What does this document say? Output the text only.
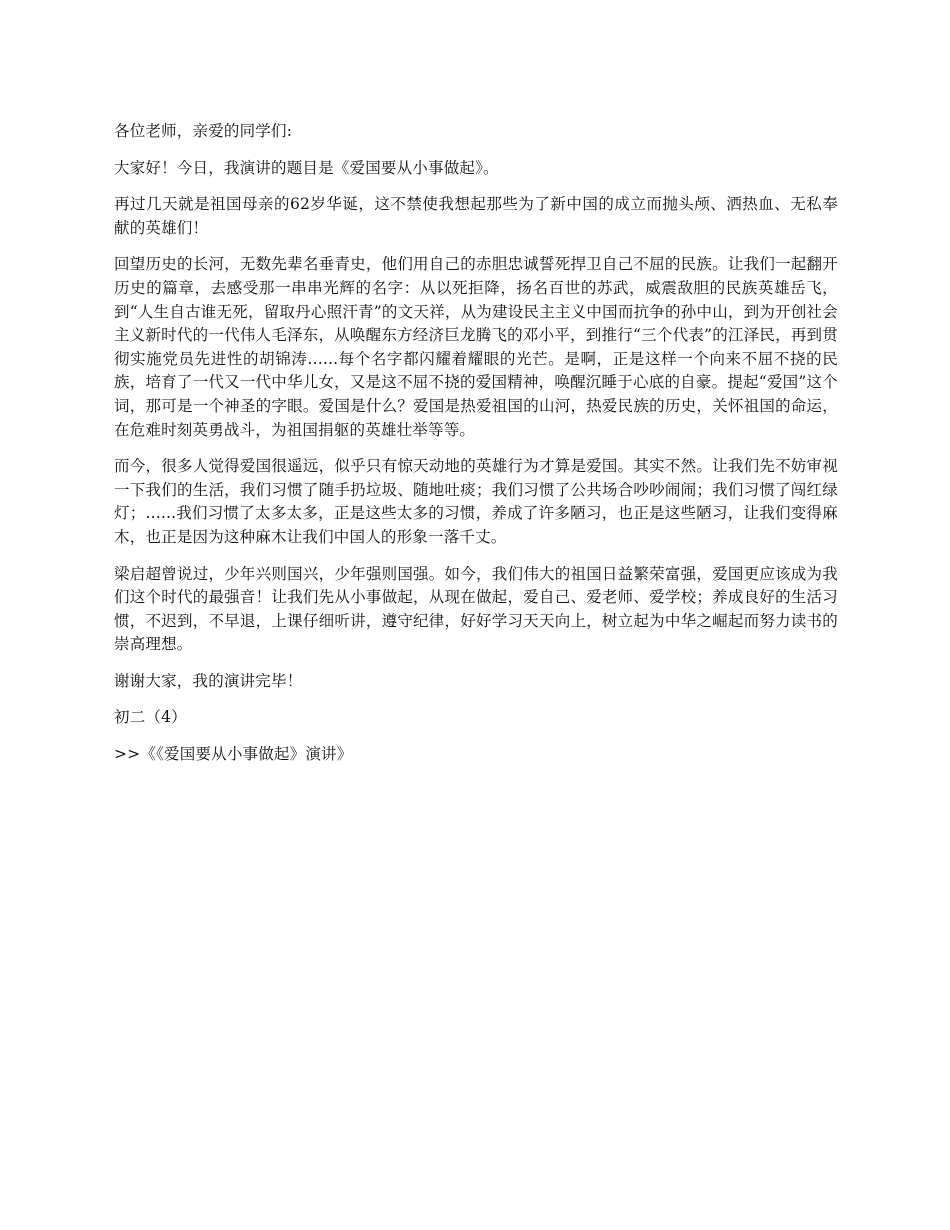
各位老师，亲爱的同学们:

大家好！今日，我演讲的题目是《爱国要从小事做起》。

再过几天就是祖国母亲的62岁华诞，这不禁使我想起那些为了新中国的成立而抛头颅、洒热血、无私奉献的英雄们！

回望历史的长河，无数先辈名垂青史，他们用自己的赤胆忠诚誓死捍卫自己不屈的民族。让我们一起翻开历史的篇章，去感受那一串串光辉的名字：从以死拒降，扬名百世的苏武，威震敌胆的民族英雄岳飞，到“人生自古谁无死，留取丹心照汗青”的文天祥，从为建设民主主义中国而抗争的孙中山，到为开创社会主义新时代的一代伟人毛泽东，从唤醒东方经济巨龙腾飞的邓小平，到推行“三个代表”的江泽民，再到贯彻实施党员先进性的胡锦涛......每个名字都闪耀着耀眼的光芒。是啊，正是这样一个向来不屈不挠的民族，培育了一代又一代中华儿女，又是这不屈不挠的爱国精神，唤醒沉睡于心底的自豪。提起“爱国”这个词，那可是一个神圣的字眼。爱国是什么？爱国是热爱祖国的山河，热爱民族的历史，关怀祖国的命运，在危难时刻英勇战斗，为祖国捐躯的英雄壮举等等。

而今，很多人觉得爱国很遥远，似乎只有惊天动地的英雄行为才算是爱国。其实不然。让我们先不妨审视一下我们的生活，我们习惯了随手扔垃圾、随地吐痰；我们习惯了公共场合吵吵闹闹；我们习惯了闯红绿灯；......我们习惯了太多太多，正是这些太多的习惯，养成了许多陋习，也正是这些陋习，让我们变得麻木，也正是因为这种麻木让我们中国人的形象一落千丈。

梁启超曾说过，少年兴则国兴，少年强则国强。如今，我们伟大的祖国日益繁荣富强，爱国更应该成为我们这个时代的最强音！让我们先从小事做起，从现在做起，爱自己、爱老师、爱学校；养成良好的生活习惯，不迟到，不早退，上课仔细听讲，遵守纪律，好好学习天天向上，树立起为中华之崛起而努力读书的崇高理想。

谢谢大家，我的演讲完毕！

初二（4）

>>《《爱国要从小事做起》演讲》
